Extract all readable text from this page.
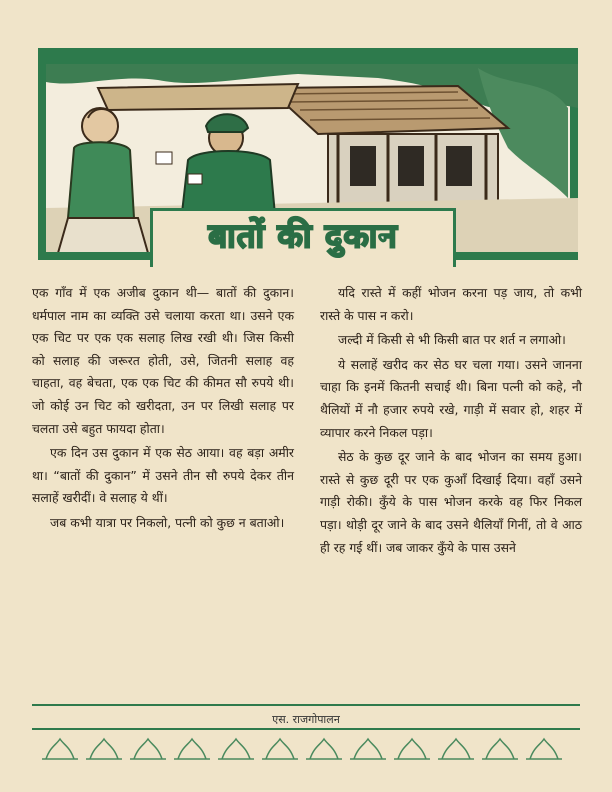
बातों की दुकान

एक गाँव में एक अजीब दुकान थी— बातों की दुकान। धर्मपाल नाम का व्यक्ति उसे चलाया करता था। उसने एक एक चिट पर एक एक सलाह लिख रखी थी। जिस किसी को सलाह की जरूरत होती, उसे, जितनी सलाह वह चाहता, वह बेचता, एक एक चिट की कीमत सौ रुपये थी। जो कोई उन चिट को खरीदता, उन पर लिखी सलाह पर चलता उसे बहुत फायदा होता।

एक दिन उस दुकान में एक सेठ आया। वह बड़ा अमीर था। “बातों की दुकान” में उसने तीन सौ रुपये देकर तीन सलाहें खरीदीं। वे सलाह ये थीं।

जब कभी यात्रा पर निकलो, पत्नी को कुछ न बताओ।

यदि रास्ते में कहीं भोजन करना पड़ जाय, तो कभी रास्ते के पास न करो।

जल्दी में किसी से भी किसी बात पर शर्त न लगाओ।

ये सलाहें खरीद कर सेठ घर चला गया। उसने जानना चाहा कि इनमें कितनी सचाई थी। बिना पत्नी को कहे, नौ थैलियों में नौ हजार रुपये रखे, गाड़ी में सवार हो, शहर में व्यापार करने निकल पड़ा।

सेठ के कुछ दूर जाने के बाद भोजन का समय हुआ। रास्ते से कुछ दूरी पर एक कुआँ दिखाई दिया। वहाँ उसने गाड़ी रोकी। कुँये के पास भोजन करके वह फिर निकल पड़ा। थोड़ी दूर जाने के बाद उसने थैलियाँ गिनीं, तो वे आठ ही रह गई थीं। जब जाकर कुँये के पास उसने

एस. राजगोपालन
